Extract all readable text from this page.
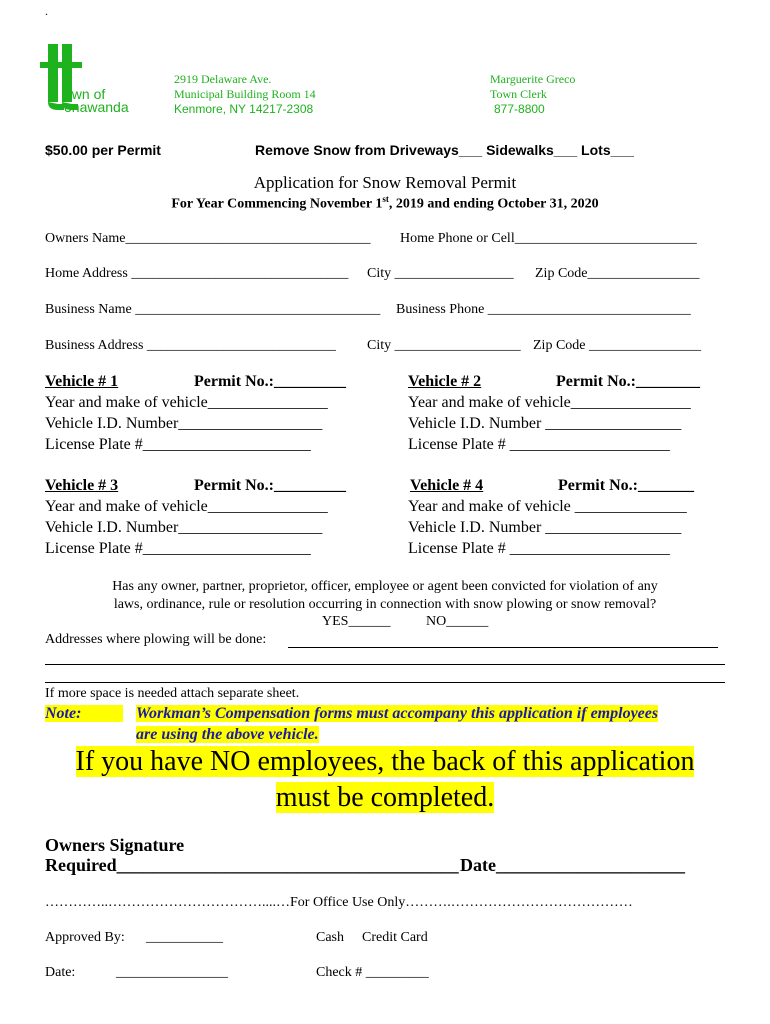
.
own of
onawanda
2919 Delaware Ave.
Municipal Building Room 14
Kenmore, NY 14217-2308
Marguerite Greco
Town Clerk
877-8800
$50.00 per Permit	Remove Snow from Driveways___ Sidewalks___ Lots___
Application for Snow Removal Permit
For Year Commencing November 1st, 2019 and ending October 31, 2020
Owners Name___________________________________ Home Phone or Cell__________________________
Home Address _______________________________ City _________________ Zip Code________________
Business Name ___________________________________ Business Phone _____________________________
Business Address ___________________________ City __________________ Zip Code ________________
Vehicle # 1	Permit No.:_________
Year and make of vehicle_______________
Vehicle I.D. Number__________________
License Plate #_____________________
Vehicle # 2	Permit No.:________
Year and make of vehicle_______________
Vehicle I.D. Number _________________
License Plate # ____________________
Vehicle # 3	Permit No.:_________
Year and make of vehicle_______________
Vehicle I.D. Number__________________
License Plate #_____________________
Vehicle # 4	Permit No.:_______
Year and make of vehicle ______________
Vehicle I.D. Number _________________
License Plate # ____________________
Has any owner, partner, proprietor, officer, employee or agent been convicted for violation of any
laws, ordinance, rule or resolution occurring in connection with snow plowing or snow removal?
YES______	NO______
Addresses where plowing will be done:
If more space is needed attach separate sheet.
Note:	Workman’s Compensation forms must accompany this application if employees
are using the above vehicle.
If you have NO employees, the back of this application
must be completed.
Owners Signature
Required______________________________________ Date_____________________
…………..……………………………....…For Office Use Only……….…………………………………
Approved By: ___________	Cash Credit Card
Date:	________________	Check # _________
